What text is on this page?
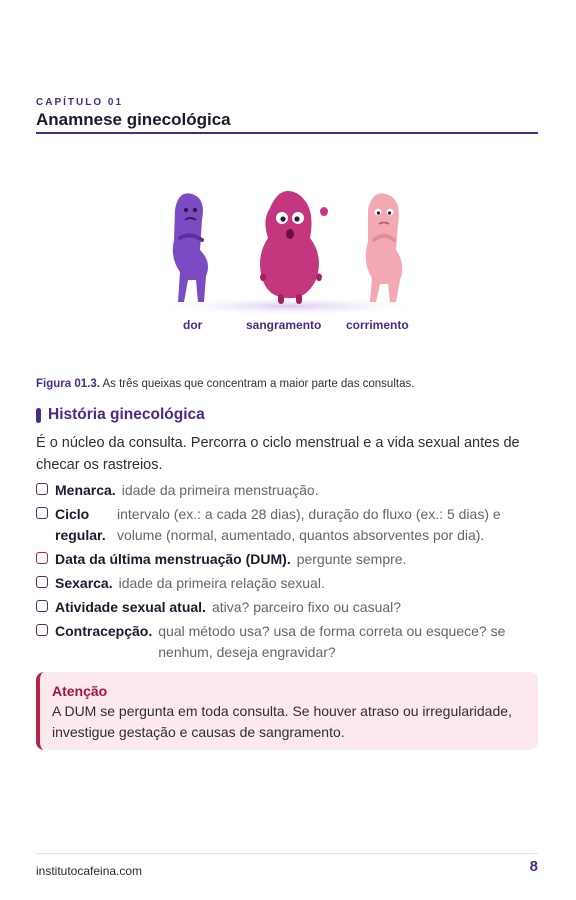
CAPÍTULO 01
Anamnese ginecológica
dor	sangramento corrimento

Figura 01.3. As três queixas que concentram a maior parte das consultas.

História ginecológica

É o núcleo da consulta. Percorra o ciclo menstrual e a vida sexual antes de checar os rastreios.

Menarca. idade da primeira menstruação.
Ciclo regular.
intervalo (ex.: a cada 28 dias), duração do fluxo (ex.: 5 dias) e volume (normal, aumentado, quantos absorventes por dia).
Data da última menstruação (DUM). pergunte sempre.
Sexarca. idade da primeira relação sexual.
Atividade sexual atual. ativa? parceiro fixo ou casual?
Contracepção. qual método usa? usa de forma correta ou esquece? se nenhum, deseja engravidar?
Atenção
A DUM se pergunta em toda consulta. Se houver atraso ou irregularidade, investigue gestação e causas de sangramento.
institutocafeina.com	8
